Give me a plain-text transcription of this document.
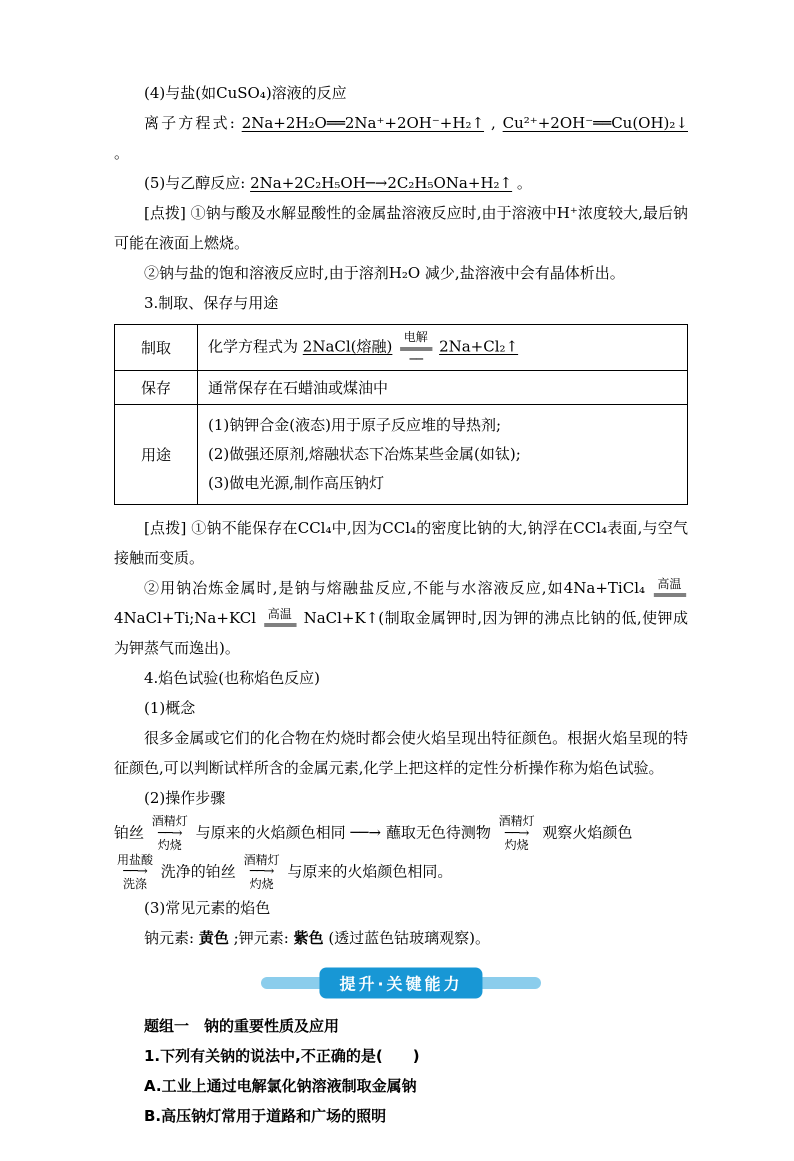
(4)与盐(如CuSO₄)溶液的反应

离子方程式: 2Na+2H₂O══2Na⁺+2OH⁻+H₂↑ , Cu²⁺+2OH⁻══Cu(OH)₂↓ 。

(5)与乙醇反应: 2Na+2C₂H₅OH─→2C₂H₅ONa+H₂↑ 。

[点拨] ①钠与酸及水解显酸性的金属盐溶液反应时,由于溶液中H⁺浓度较大,最后钠可能在液面上燃烧。

②钠与盐的饱和溶液反应时,由于溶剂H₂O 减少,盐溶液中会有晶体析出。

3.制取、保存与用途

制取	化学方程式为 2NaCl(熔融)
电解
═════
──
2Na+Cl₂↑
保存	通常保存在石蜡油或煤油中
用途	(1)钠钾合金(液态)用于原子反应堆的导热剂;
(2)做强还原剂,熔融状态下冶炼某些金属(如钛);
(3)做电光源,制作高压钠灯

[点拨] ①钠不能保存在CCl₄中,因为CCl₄的密度比钠的大,钠浮在CCl₄表面,与空气接触而变质。

②用钠冶炼金属时,是钠与熔融盐反应,不能与水溶液反应,如4Na+TiCl₄ 高温
═════
4NaCl+Ti;Na+KCl 高温
═════ NaCl+K↑(制取金属钾时,因为钾的沸点比钠的低,使钾成为钾蒸气而逸出)。

4.焰色试验(也称焰色反应)

(1)概念

很多金属或它们的化合物在灼烧时都会使火焰呈现出特征颜色。根据火焰呈现的特征颜色,可以判断试样所含的金属元素,化学上把这样的定性分析操作称为焰色试验。

(2)操作步骤

铂丝
酒精灯
──→
灼烧
与原来的火焰颜色相同 ──→ 蘸取无色待测物
酒精灯
──→
灼烧
观察火焰颜色

用盐酸
──→
洗涤
洗净的铂丝
酒精灯
──→
灼烧
与原来的火焰颜色相同。

(3)常见元素的焰色

钠元素: 黄色 ;钾元素: 紫色 (透过蓝色钴玻璃观察)。

提升·关键能力

题组一　钠的重要性质及应用

1.下列有关钠的说法中,不正确的是(　　)

A.工业上通过电解氯化钠溶液制取金属钠

B.高压钠灯常用于道路和广场的照明
